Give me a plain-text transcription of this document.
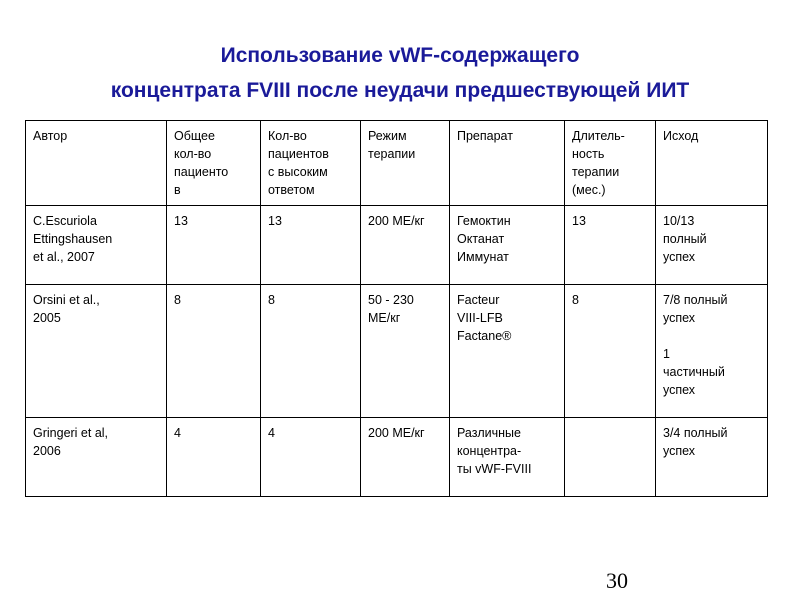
Использование vWF-содержащего
концентрата FVIII после неудачи предшествующей ИИТ
Автор	Общее
кол-во
пациенто
в	Кол-во
пациентов
с высоким
ответом	Режим
терапии	Препарат	Длитель-
ность
терапии
(мес.)	Исход

C.Escuriola
Ettingshausen
et al., 2007	13	13	200 МЕ/кг	Гемоктин
Октанат
Иммунат	13	10/13
полный
успех

Orsini et al.,
2005	8	8	50 - 230
МЕ/кг	Facteur
VIII-LFB
Factane®	8	7/8 полный
успех
1
частичный
успех

Gringeri et al,
2006	4	4	200 МЕ/кг	Различные
концентра-
ты vWF-FVIII		3/4 полный
успех
30
